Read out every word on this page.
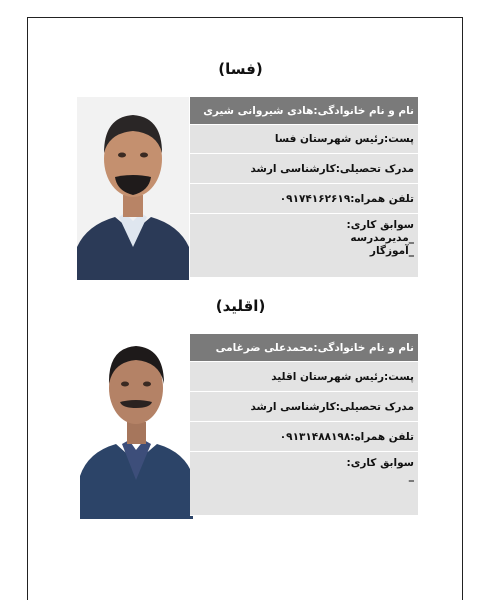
(فسا)
نام و نام خانوادگی:هادی شیروانی شیری
پست:رئیس شهرستان فسا
مدرک تحصیلی:کارشناسی ارشد
تلفن همراه:۰۹۱۷۴۱۶۲۶۱۹
سوابق کاری:
_مدیرمدرسه
_آموزگار
(اقلید)
نام و نام خانوادگی:محمدعلی ضرغامی
پست:رئیس شهرستان اقلید
مدرک تحصیلی:کارشناسی ارشد
تلفن همراه:۰۹۱۳۱۴۸۸۱۹۸
سوابق کاری:
_
